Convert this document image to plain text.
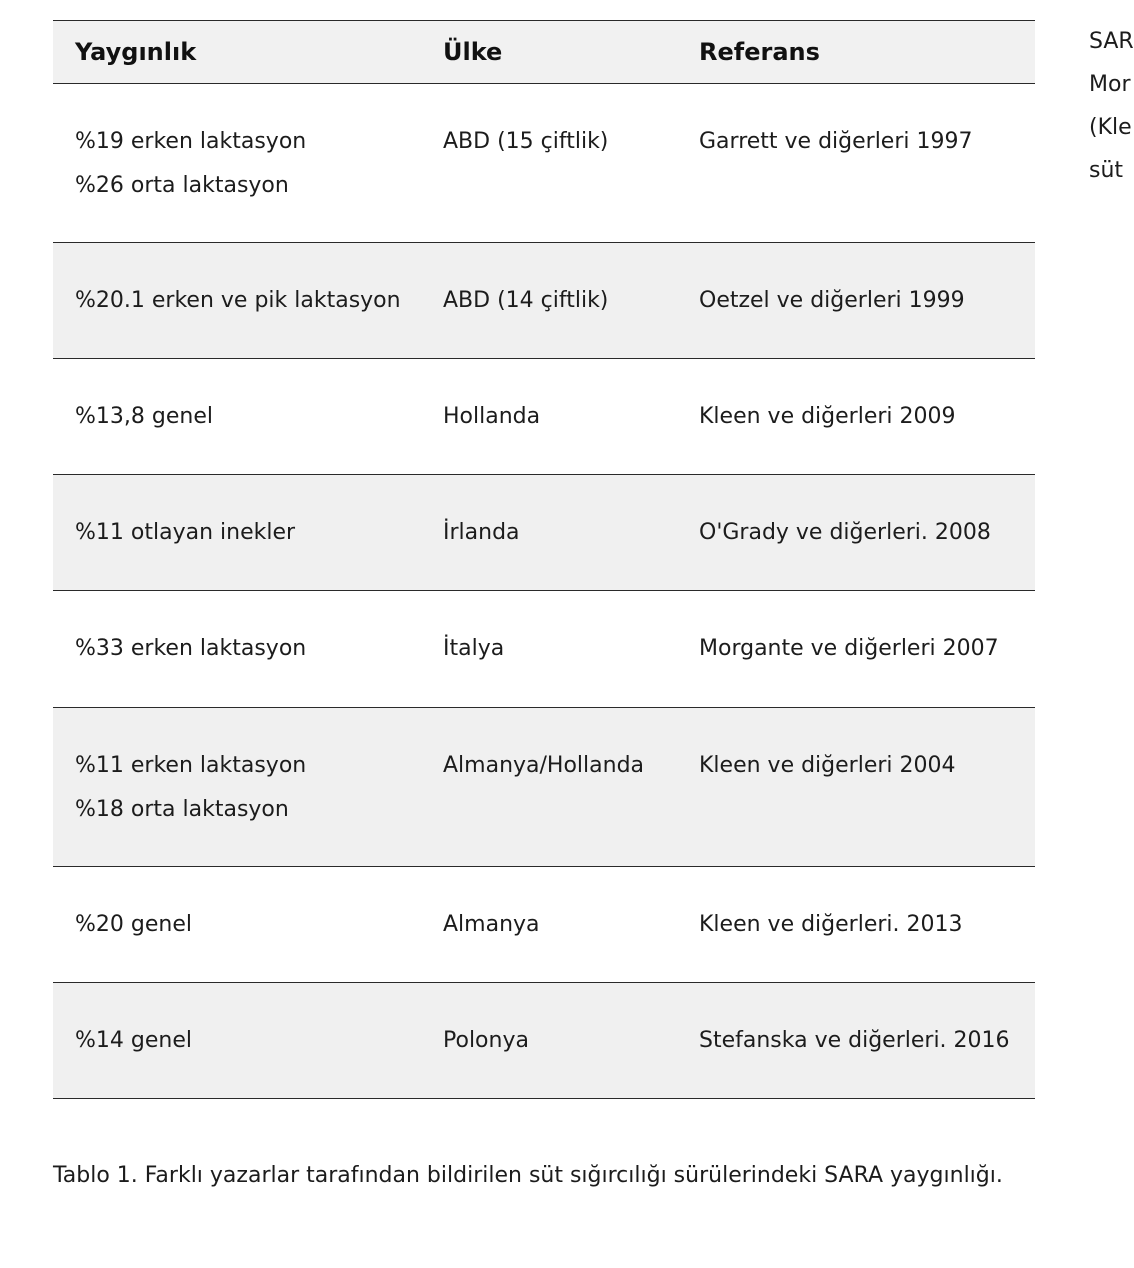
Yaygınlık	Ülke	Referans

%19 erken laktasyon
%26 orta laktasyon	ABD (15 çiftlik)	Garrett ve diğerleri 1997
%20.1 erken ve pik laktasyon	ABD (14 çiftlik)	Oetzel ve diğerleri 1999
%13,8 genel	Hollanda	Kleen ve diğerleri 2009
%11 otlayan inekler	İrlanda	O'Grady ve diğerleri. 2008
%33 erken laktasyon	İtalya	Morgante ve diğerleri 2007

%11 erken laktasyon
%18 orta laktasyon	Almanya/Hollanda	Kleen ve diğerleri 2004
%20 genel	Almanya	Kleen ve diğerleri. 2013
%14 genel	Polonya	Stefanska ve diğerleri. 2016
Tablo 1. Farklı yazarlar tarafından bildirilen süt sığırcılığı sürülerindeki SARA yaygınlığı.
SAR
Mor
(Kle
süt
